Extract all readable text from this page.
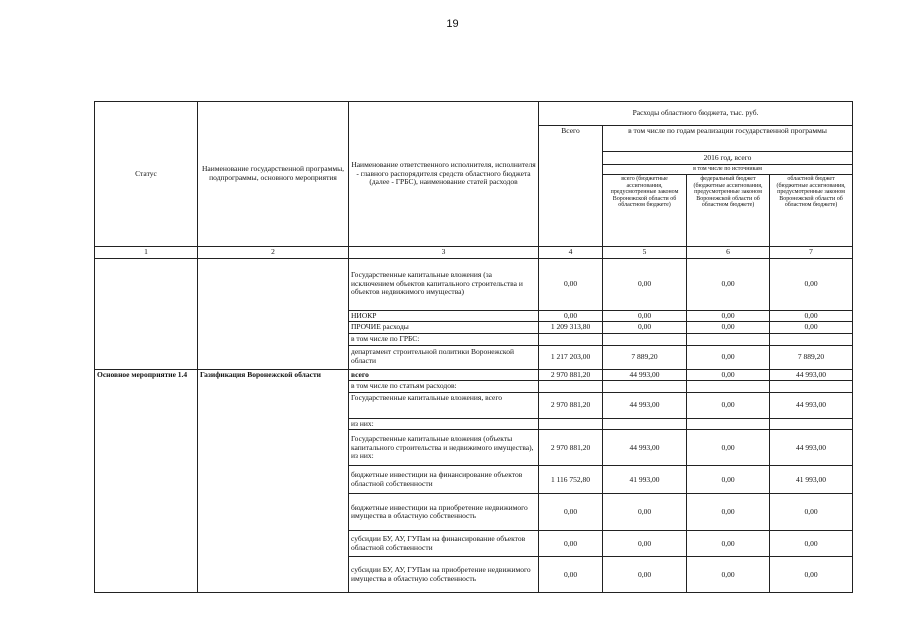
19
Статус	Наименование государственной программы, подпрограммы, основного мероприятия	Наименование ответственного исполнителя, исполнителя - главного распорядителя средств областного бюджета (далее - ГРБС), наименование статей расходов	Расходы областного бюджета, тыс. руб.			
			Всего	в том числе по годам реализации государственной программы		
				2016 год, всего		
				в том числе по источникам		
				всего (бюджетные ассигнования, предусмотренные законом Воронежской области об областном бюджете)	федеральный бюджет (бюджетные ассигнования, предусмотренные законом Воронежской области об областном бюджете)	областной бюджет (бюджетные ассигнования, предусмотренные законом Воронежской области об областном бюджете)
1	2	3	4	5	6	7
		Государственные капитальные вложения (за исключением объектов капитального строительства и объектов недвижимого имущества)	0,00	0,00	0,00	0,00
		НИОКР	0,00	0,00	0,00	0,00
		ПРОЧИЕ расходы	1 209 313,80	0,00	0,00	0,00
		в том числе по ГРБС:				
		департамент строительной политики Воронежской области	1 217 203,00	7 889,20	0,00	7 889,20
Основное мероприятие 1.4	Газификация Воронежской области	всего	2 970 881,20	44 993,00	0,00	44 993,00
		в том числе по статьям расходов:				
		Государственные капитальные вложения, всего	2 970 881,20	44 993,00	0,00	44 993,00
		из них:				
		Государственные капитальные вложения (объекты капитального строительства и недвижимого имущества), из них:	2 970 881,20	44 993,00	0,00	44 993,00
		бюджетные инвестиции на финансирование объектов областной собственности	1 116 752,80	41 993,00	0,00	41 993,00
		бюджетные инвестиции на приобретение недвижимого имущества в областную собственность	0,00	0,00	0,00	0,00
		субсидии БУ, АУ, ГУПам на финансирование объектов областной собственности	0,00	0,00	0,00	0,00
		субсидии БУ, АУ, ГУПам на приобретение недвижимого имущества в областную собственность	0,00	0,00	0,00	0,00
